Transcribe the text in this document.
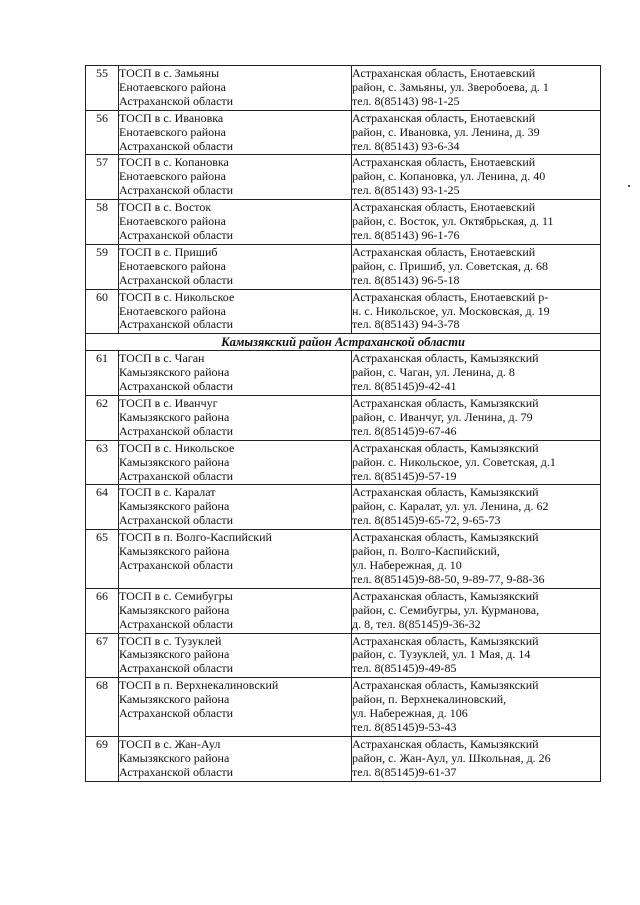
55	ТОСП в с. Замьяны
Енотаевского района
Астраханской области	Астраханская область, Енотаевский
район, с. Замьяны, ул. Зверобоева, д. 1
тел. 8(85143) 98-1-25

56	ТОСП в с. Ивановка
Енотаевского района
Астраханской области	Астраханская область, Енотаевский
район, с. Ивановка, ул. Ленина, д. 39
тел. 8(85143) 93-6-34

57	ТОСП в с. Копановка
Енотаевского района
Астраханской области	Астраханская область, Енотаевский
район, с. Копановка, ул. Ленина, д. 40
тел. 8(85143) 93-1-25

58	ТОСП в с. Восток
Енотаевского района
Астраханской области	Астраханская область, Енотаевский
район, с. Восток, ул. Октябрьская, д. 11
тел. 8(85143) 96-1-76

59	ТОСП в с. Пришиб
Енотаевского района
Астраханской области	Астраханская область, Енотаевский
район, с. Пришиб, ул. Советская, д. 68
тел. 8(85143) 96-5-18

60	ТОСП в с. Никольское
Енотаевского района
Астраханской области	Астраханская область, Енотаевский р-
н. с. Никольское, ул. Московская, д. 19
тел. 8(85143) 94-3-78

Камызякский район Астраханской области		
61	ТОСП в с. Чаган
Камызякского района
Астраханской области	Астраханская область, Камызякский
район, с. Чаган, ул. Ленина, д. 8
тел. 8(85145)9-42-41

62	ТОСП в с. Иванчуг
Камызякского района
Астраханской области	Астраханская область, Камызякский
район, с. Иванчуг, ул. Ленина, д. 79
тел. 8(85145)9-67-46

63	ТОСП в с. Никольское
Камызякского района
Астраханской области	Астраханская область, Камызякский
район. с. Никольское, ул. Советская, д.1
тел. 8(85145)9-57-19

64	ТОСП в с. Каралат
Камызякского района
Астраханской области	Астраханская область, Камызякский
район, с. Каралат, ул. ул. Ленина, д. 62
тел. 8(85145)9-65-72, 9-65-73

65	ТОСП в п. Волго-Каспийский
Камызякского района
Астраханской области	Астраханская область, Камызякский
район, п. Волго-Каспийский,
ул. Набережная, д. 10
тел. 8(85145)9-88-50, 9-89-77, 9-88-36

66	ТОСП в с. Семибугры
Камызякского района
Астраханской области	Астраханская область, Камызякский
район, с. Семибугры, ул. Курманова,
д. 8, тел. 8(85145)9-36-32

67	ТОСП в с. Тузуклей
Камызякского района
Астраханской области	Астраханская область, Камызякский
район, с. Тузуклей, ул. 1 Мая, д. 14
тел. 8(85145)9-49-85

68	ТОСП в п. Верхнекалиновский
Камызякского района
Астраханской области	Астраханская область, Камызякский
район, п. Верхнекалиновский,
ул. Набережная, д. 106
тел. 8(85145)9-53-43

69	ТОСП в с. Жан-Аул
Камызякского района
Астраханской области	Астраханская область, Камызякский
район, с. Жан-Аул, ул. Школьная, д. 26
тел. 8(85145)9-61-37
